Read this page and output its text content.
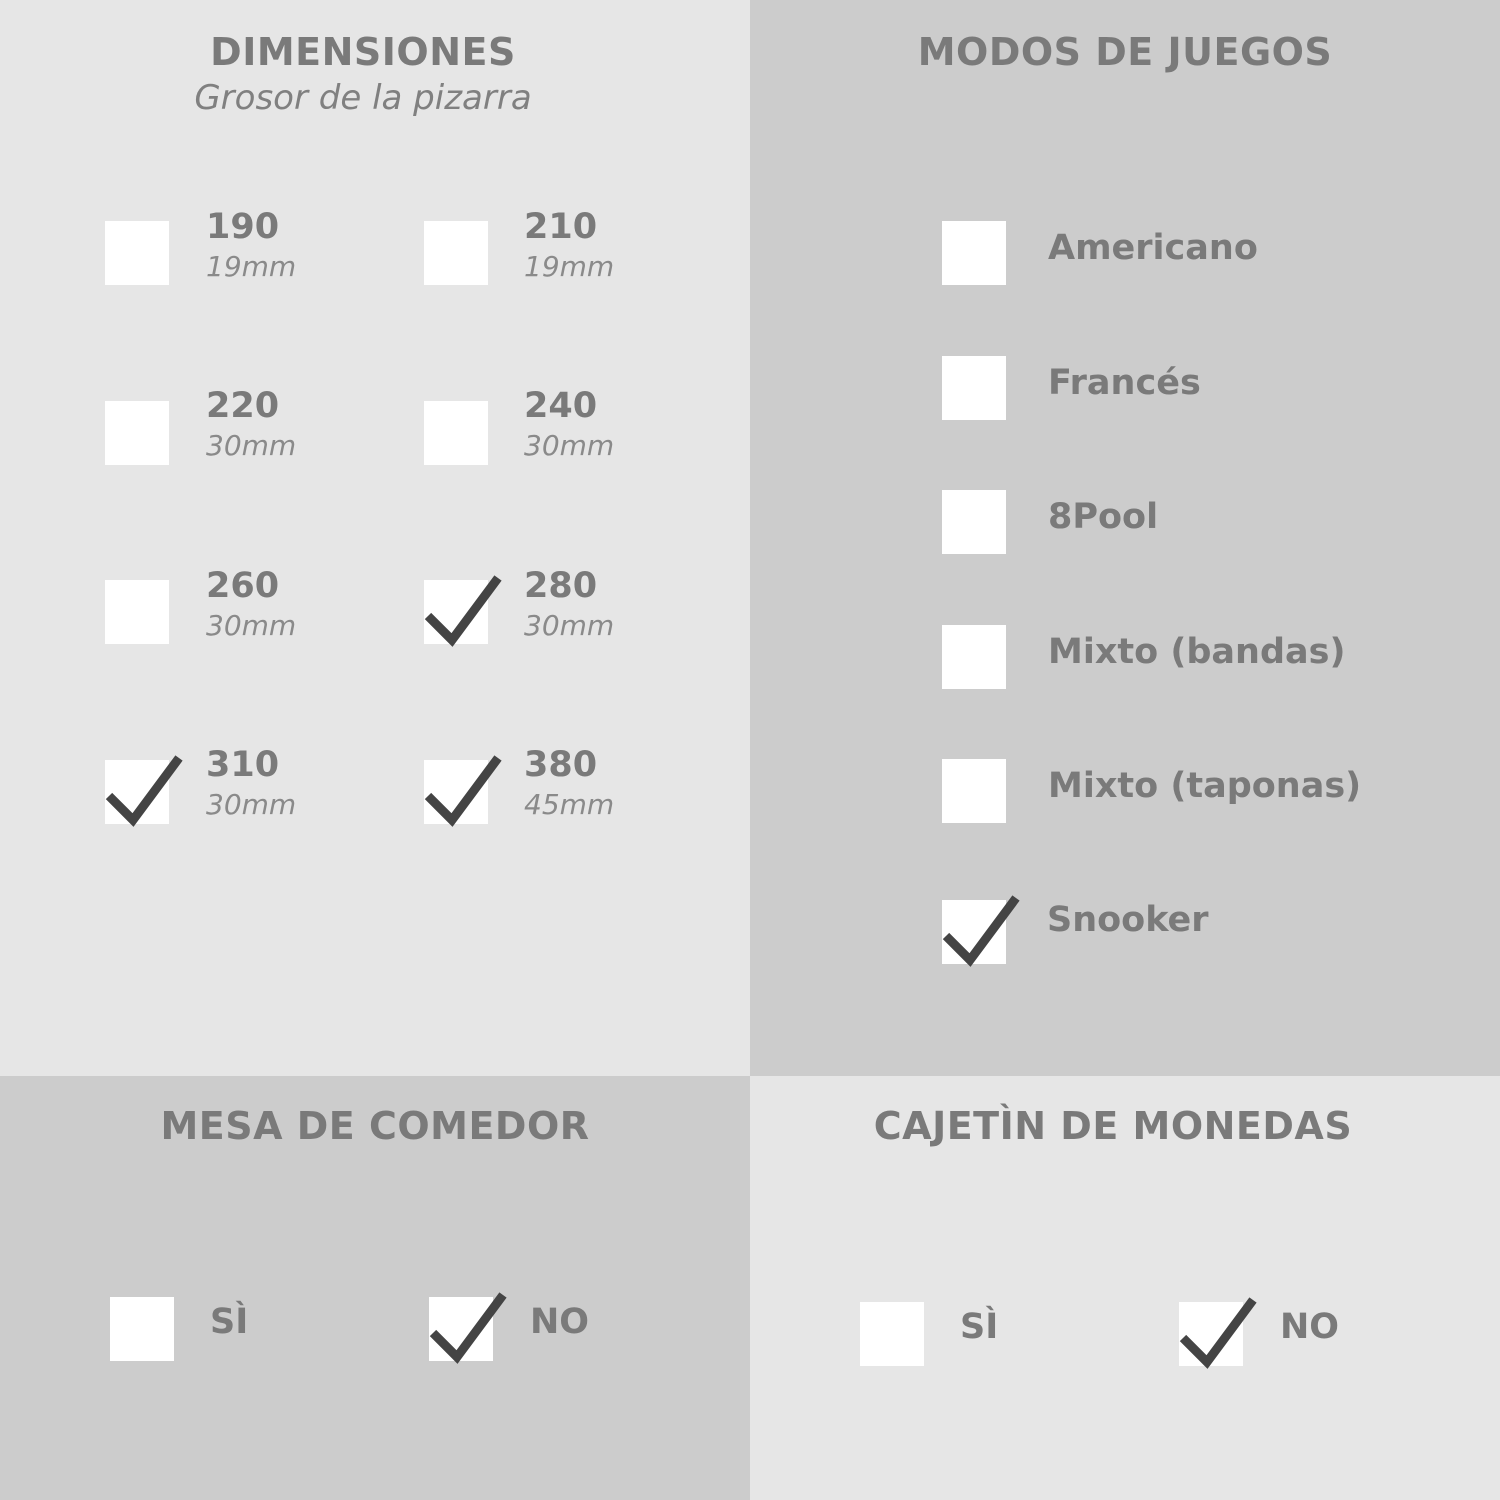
DIMENSIONES
Grosor de la pizarra
190
19mm
210
19mm
220
30mm
240
30mm
260
30mm
280
30mm
310
30mm
380
45mm
MODOS DE JUEGOS
Americano
Francés
8Pool
Mixto (bandas)
Mixto (taponas)
Snooker
MESA DE COMEDOR
SÌ	NO
CAJETÌN DE MONEDAS
SÌ	NO
